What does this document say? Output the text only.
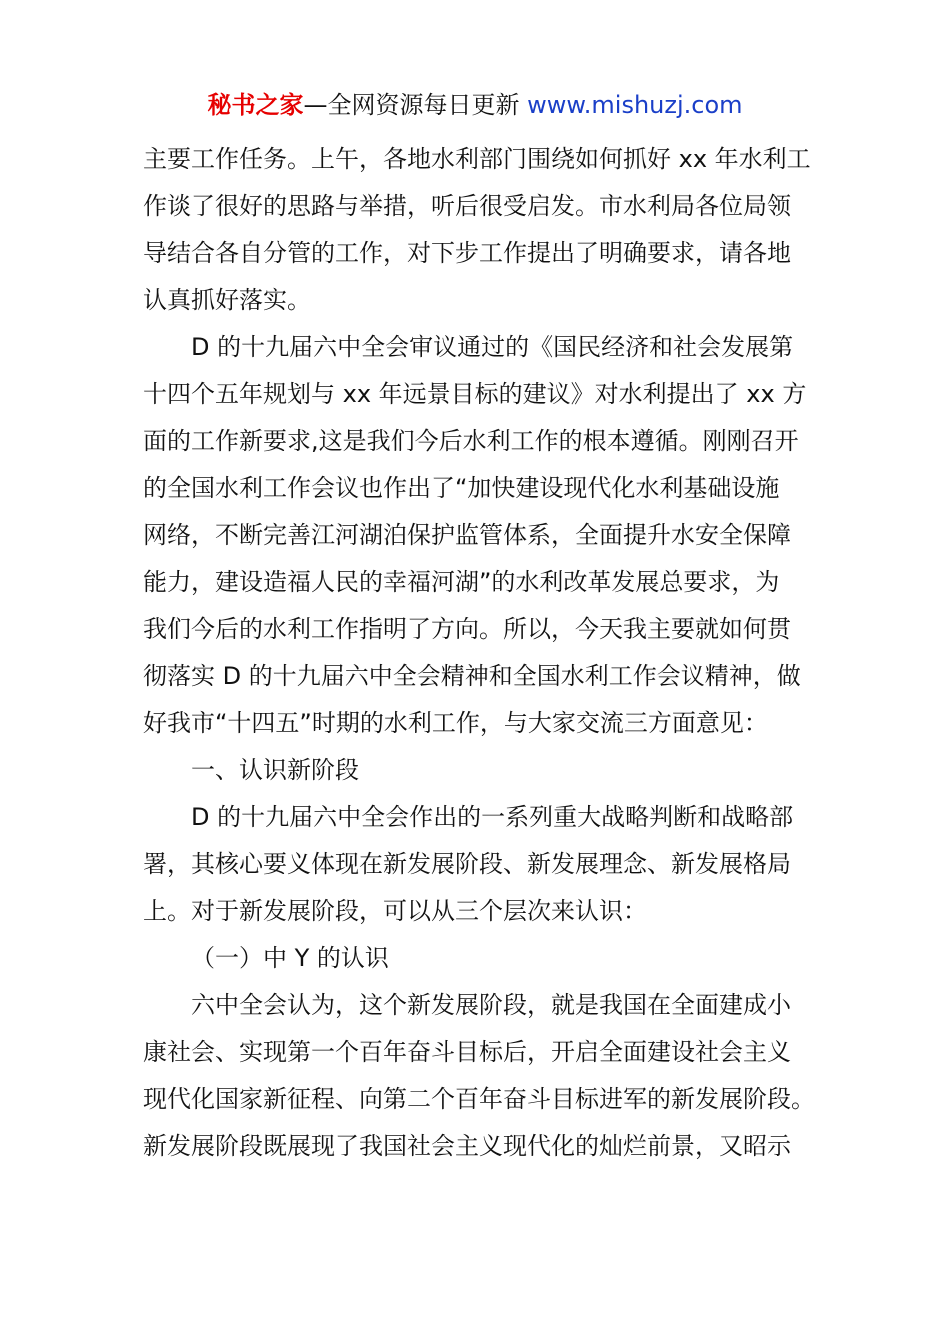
秘书之家—全网资源每日更新 www.mishuzj.com
主要工作任务。上午，各地水利部门围绕如何抓好 xx 年水利工
作谈了很好的思路与举措，听后很受启发。市水利局各位局领
导结合各自分管的工作，对下步工作提出了明确要求，请各地
认真抓好落实。
D 的十九届六中全会审议通过的《国民经济和社会发展第
十四个五年规划与 xx 年远景目标的建议》对水利提出了 xx 方
面的工作新要求,这是我们今后水利工作的根本遵循。刚刚召开
的全国水利工作会议也作出了“加快建设现代化水利基础设施
网络，不断完善江河湖泊保护监管体系，全面提升水安全保障
能力，建设造福人民的幸福河湖”的水利改革发展总要求，为
我们今后的水利工作指明了方向。所以，今天我主要就如何贯
彻落实 D 的十九届六中全会精神和全国水利工作会议精神，做
好我市“十四五”时期的水利工作，与大家交流三方面意见：
一、认识新阶段
D 的十九届六中全会作出的一系列重大战略判断和战略部
署，其核心要义体现在新发展阶段、新发展理念、新发展格局
上。对于新发展阶段，可以从三个层次来认识：
（一）中 Y 的认识
六中全会认为，这个新发展阶段，就是我国在全面建成小
康社会、实现第一个百年奋斗目标后，开启全面建设社会主义
现代化国家新征程、向第二个百年奋斗目标进军的新发展阶段。
新发展阶段既展现了我国社会主义现代化的灿烂前景，又昭示
